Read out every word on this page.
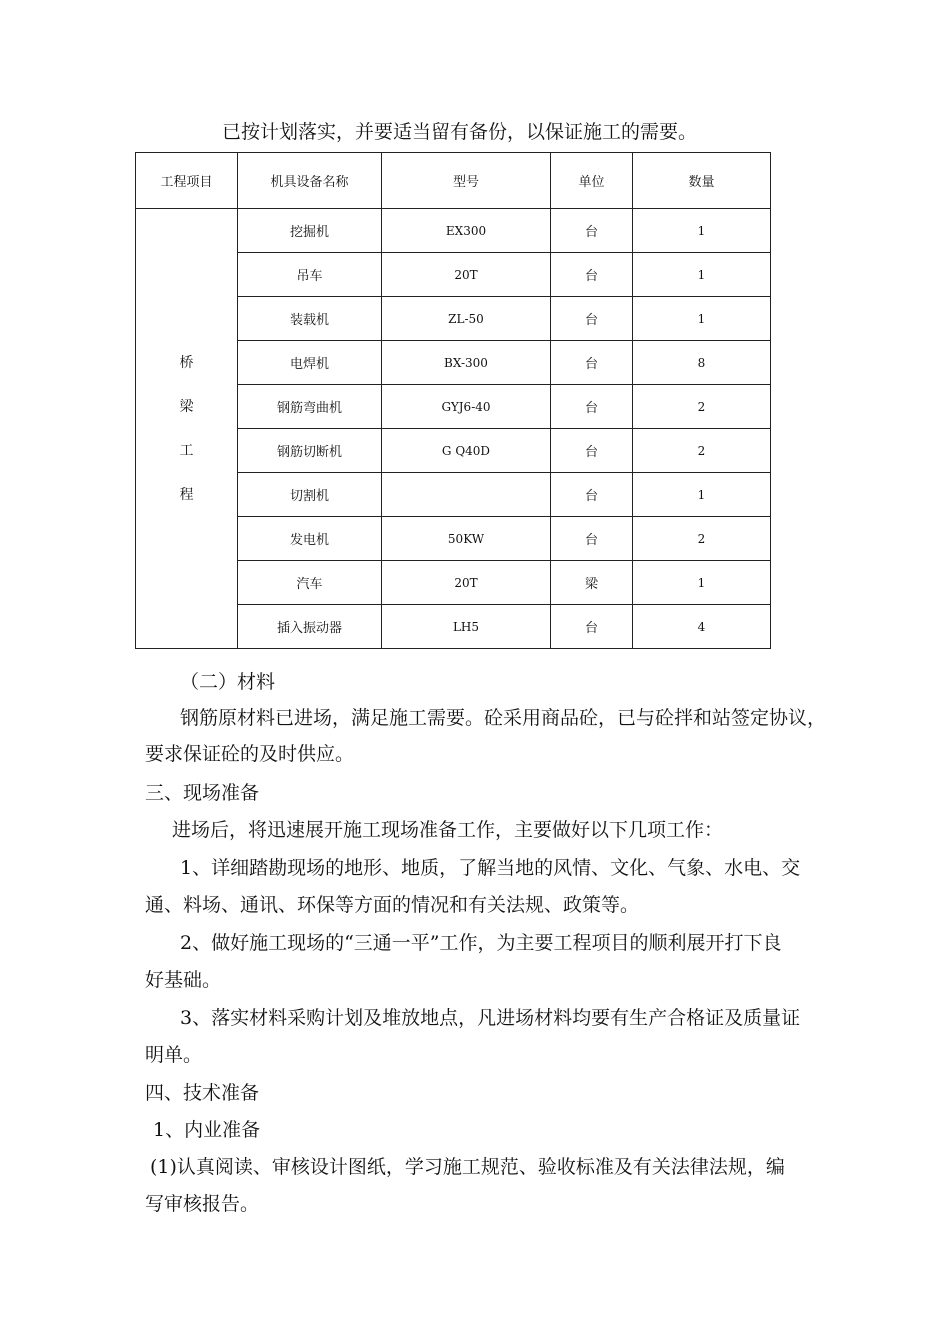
已按计划落实，并要适当留有备份，以保证施工的需要。
工程项目	机具设备名称	型号	单位	数量

桥
梁
工
程	挖掘机	EX300	台	1
	吊车	20T	台	1
	装载机	ZL-50	台	1
	电焊机	BX-300	台	8
	钢筋弯曲机	GYJ6-40	台	2
	钢筋切断机	G Q40D	台	2
	切割机		台	1
	发电机	50KW	台	2
	汽车	20T	梁	1
	插入振动器	LH5	台	4
（二）材料
钢筋原材料已进场，满足施工需要。砼采用商品砼，已与砼拌和站签定协议，
要求保证砼的及时供应。
三、现场准备
进场后，将迅速展开施工现场准备工作，主要做好以下几项工作：
1、详细踏勘现场的地形、地质，了解当地的风情、文化、气象、水电、交
通、料场、通讯、环保等方面的情况和有关法规、政策等。
2、做好施工现场的“三通一平”工作，为主要工程项目的顺利展开打下良
好基础。
3、落实材料采购计划及堆放地点，凡进场材料均要有生产合格证及质量证
明单。
四、技术准备
1、内业准备
(1)认真阅读、审核设计图纸，学习施工规范、验收标准及有关法律法规，编
写审核报告。
